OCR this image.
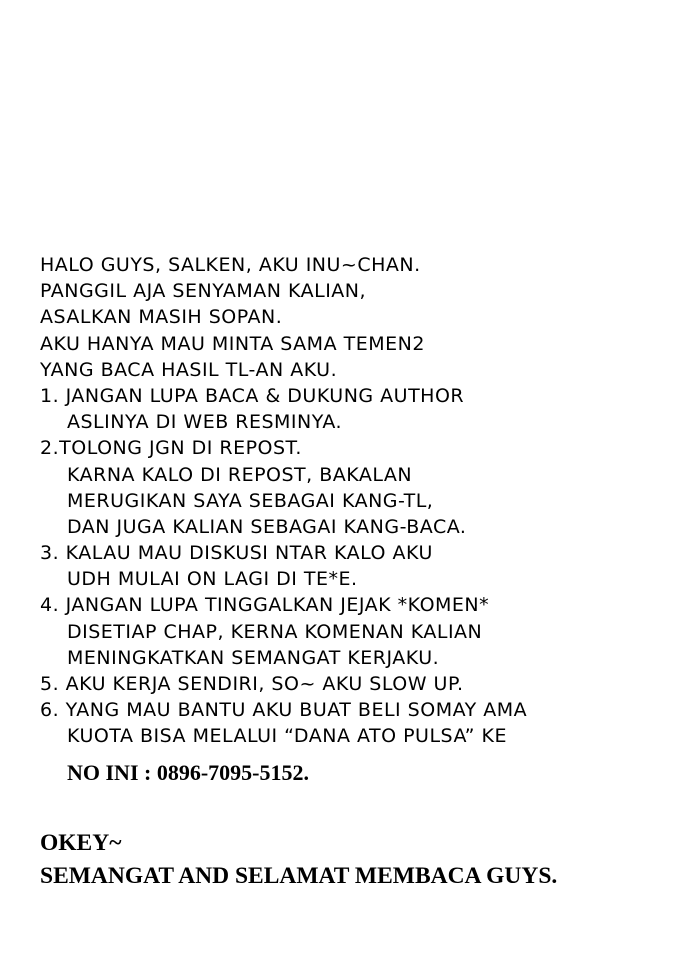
HALO GUYS, SALKEN, AKU INU~CHAN.
PANGGIL AJA SENYAMAN KALIAN,
ASALKAN MASIH SOPAN.
AKU HANYA MAU MINTA SAMA TEMEN2
YANG BACA HASIL TL-AN AKU.
1. JANGAN LUPA BACA & DUKUNG AUTHOR
ASLINYA DI WEB RESMINYA.
2.TOLONG JGN DI REPOST.
KARNA KALO DI REPOST, BAKALAN
MERUGIKAN SAYA SEBAGAI KANG-TL,
DAN JUGA KALIAN SEBAGAI KANG-BACA.
3. KALAU MAU DISKUSI NTAR KALO AKU
UDH MULAI ON LAGI DI TE*E.
4. JANGAN LUPA TINGGALKAN JEJAK *KOMEN*
DISETIAP CHAP, KERNA KOMENAN KALIAN
MENINGKATKAN SEMANGAT KERJAKU.
5. AKU KERJA SENDIRI, SO~ AKU SLOW UP.
6. YANG MAU BANTU AKU BUAT BELI SOMAY AMA
KUOTA BISA MELALUI “DANA ATO PULSA” KE
NO INI : 0896-7095-5152.
OKEY~
SEMANGAT AND SELAMAT MEMBACA GUYS.
